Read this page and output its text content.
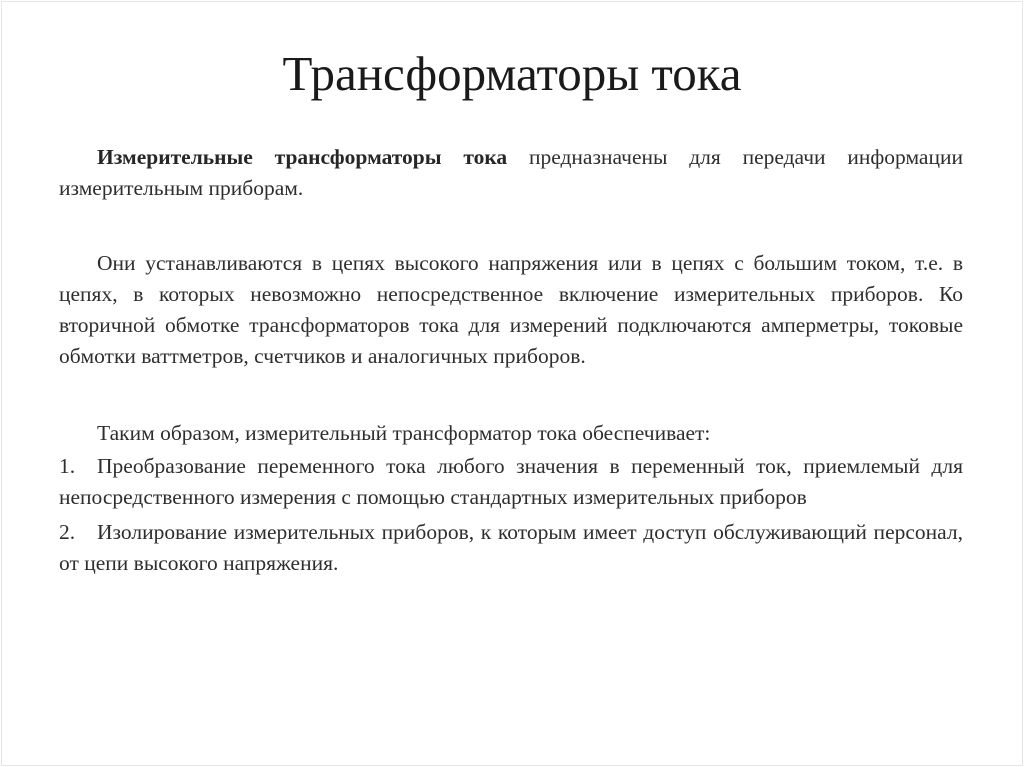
Трансформаторы тока

Измерительные трансформаторы тока предназначены для передачи информации измерительным приборам.

Они устанавливаются в цепях высокого напряжения или в цепях с большим током, т.е. в цепях, в которых невозможно непосредственное включение измерительных приборов. Ко вторичной обмотке трансформаторов тока для измерений подключаются амперметры, токовые обмотки ваттметров, счетчиков и аналогичных приборов.

Таким образом, измерительный трансформатор тока обеспечивает:

1.	Преобразование переменного тока любого значения в переменный ток, приемлемый для непосредственного измерения с помощью стандартных измерительных приборов
2.	Изолирование измерительных приборов, к которым имеет доступ обслуживающий персонал, от цепи высокого напряжения.
